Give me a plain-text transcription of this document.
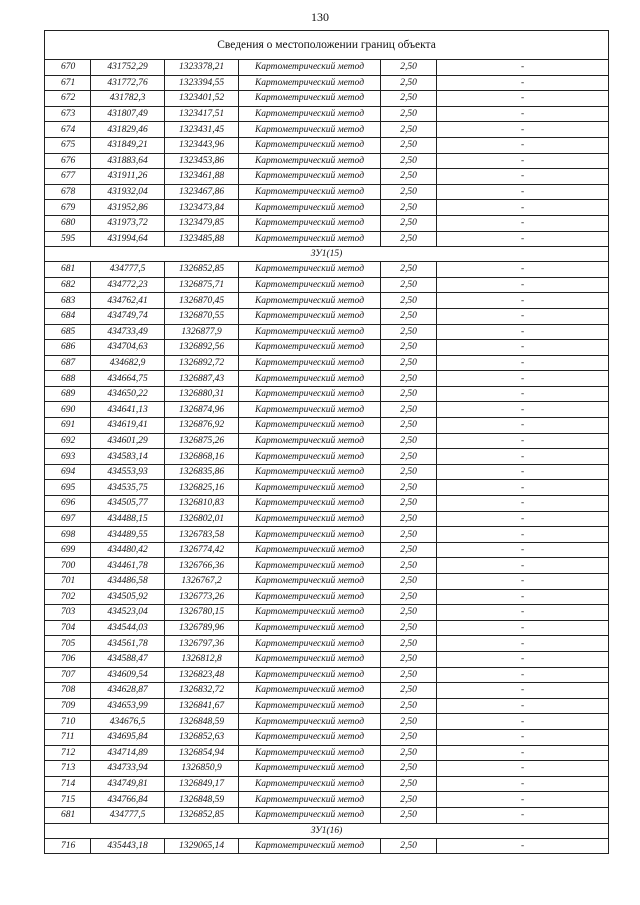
130
Сведения о местоположении границ объекта					
670	431752,29	1323378,21	Картометрический метод	2,50	-
671	431772,76	1323394,55	Картометрический метод	2,50	-
672	431782,3	1323401,52	Картометрический метод	2,50	-
673	431807,49	1323417,51	Картометрический метод	2,50	-
674	431829,46	1323431,45	Картометрический метод	2,50	-
675	431849,21	1323443,96	Картометрический метод	2,50	-
676	431883,64	1323453,86	Картометрический метод	2,50	-
677	431911,26	1323461,88	Картометрический метод	2,50	-
678	431932,04	1323467,86	Картометрический метод	2,50	-
679	431952,86	1323473,84	Картометрический метод	2,50	-
680	431973,72	1323479,85	Картометрический метод	2,50	-
595	431994,64	1323485,88	Картометрический метод	2,50	-
ЗУ1(15)					
681	434777,5	1326852,85	Картометрический метод	2,50	-
682	434772,23	1326875,71	Картометрический метод	2,50	-
683	434762,41	1326870,45	Картометрический метод	2,50	-
684	434749,74	1326870,55	Картометрический метод	2,50	-
685	434733,49	1326877,9	Картометрический метод	2,50	-
686	434704,63	1326892,56	Картометрический метод	2,50	-
687	434682,9	1326892,72	Картометрический метод	2,50	-
688	434664,75	1326887,43	Картометрический метод	2,50	-
689	434650,22	1326880,31	Картометрический метод	2,50	-
690	434641,13	1326874,96	Картометрический метод	2,50	-
691	434619,41	1326876,92	Картометрический метод	2,50	-
692	434601,29	1326875,26	Картометрический метод	2,50	-
693	434583,14	1326868,16	Картометрический метод	2,50	-
694	434553,93	1326835,86	Картометрический метод	2,50	-
695	434535,75	1326825,16	Картометрический метод	2,50	-
696	434505,77	1326810,83	Картометрический метод	2,50	-
697	434488,15	1326802,01	Картометрический метод	2,50	-
698	434489,55	1326783,58	Картометрический метод	2,50	-
699	434480,42	1326774,42	Картометрический метод	2,50	-
700	434461,78	1326766,36	Картометрический метод	2,50	-
701	434486,58	1326767,2	Картометрический метод	2,50	-
702	434505,92	1326773,26	Картометрический метод	2,50	-
703	434523,04	1326780,15	Картометрический метод	2,50	-
704	434544,03	1326789,96	Картометрический метод	2,50	-
705	434561,78	1326797,36	Картометрический метод	2,50	-
706	434588,47	1326812,8	Картометрический метод	2,50	-
707	434609,54	1326823,48	Картометрический метод	2,50	-
708	434628,87	1326832,72	Картометрический метод	2,50	-
709	434653,99	1326841,67	Картометрический метод	2,50	-
710	434676,5	1326848,59	Картометрический метод	2,50	-
711	434695,84	1326852,63	Картометрический метод	2,50	-
712	434714,89	1326854,94	Картометрический метод	2,50	-
713	434733,94	1326850,9	Картометрический метод	2,50	-
714	434749,81	1326849,17	Картометрический метод	2,50	-
715	434766,84	1326848,59	Картометрический метод	2,50	-
681	434777,5	1326852,85	Картометрический метод	2,50	-
ЗУ1(16)					
716	435443,18	1329065,14	Картометрический метод	2,50	-
